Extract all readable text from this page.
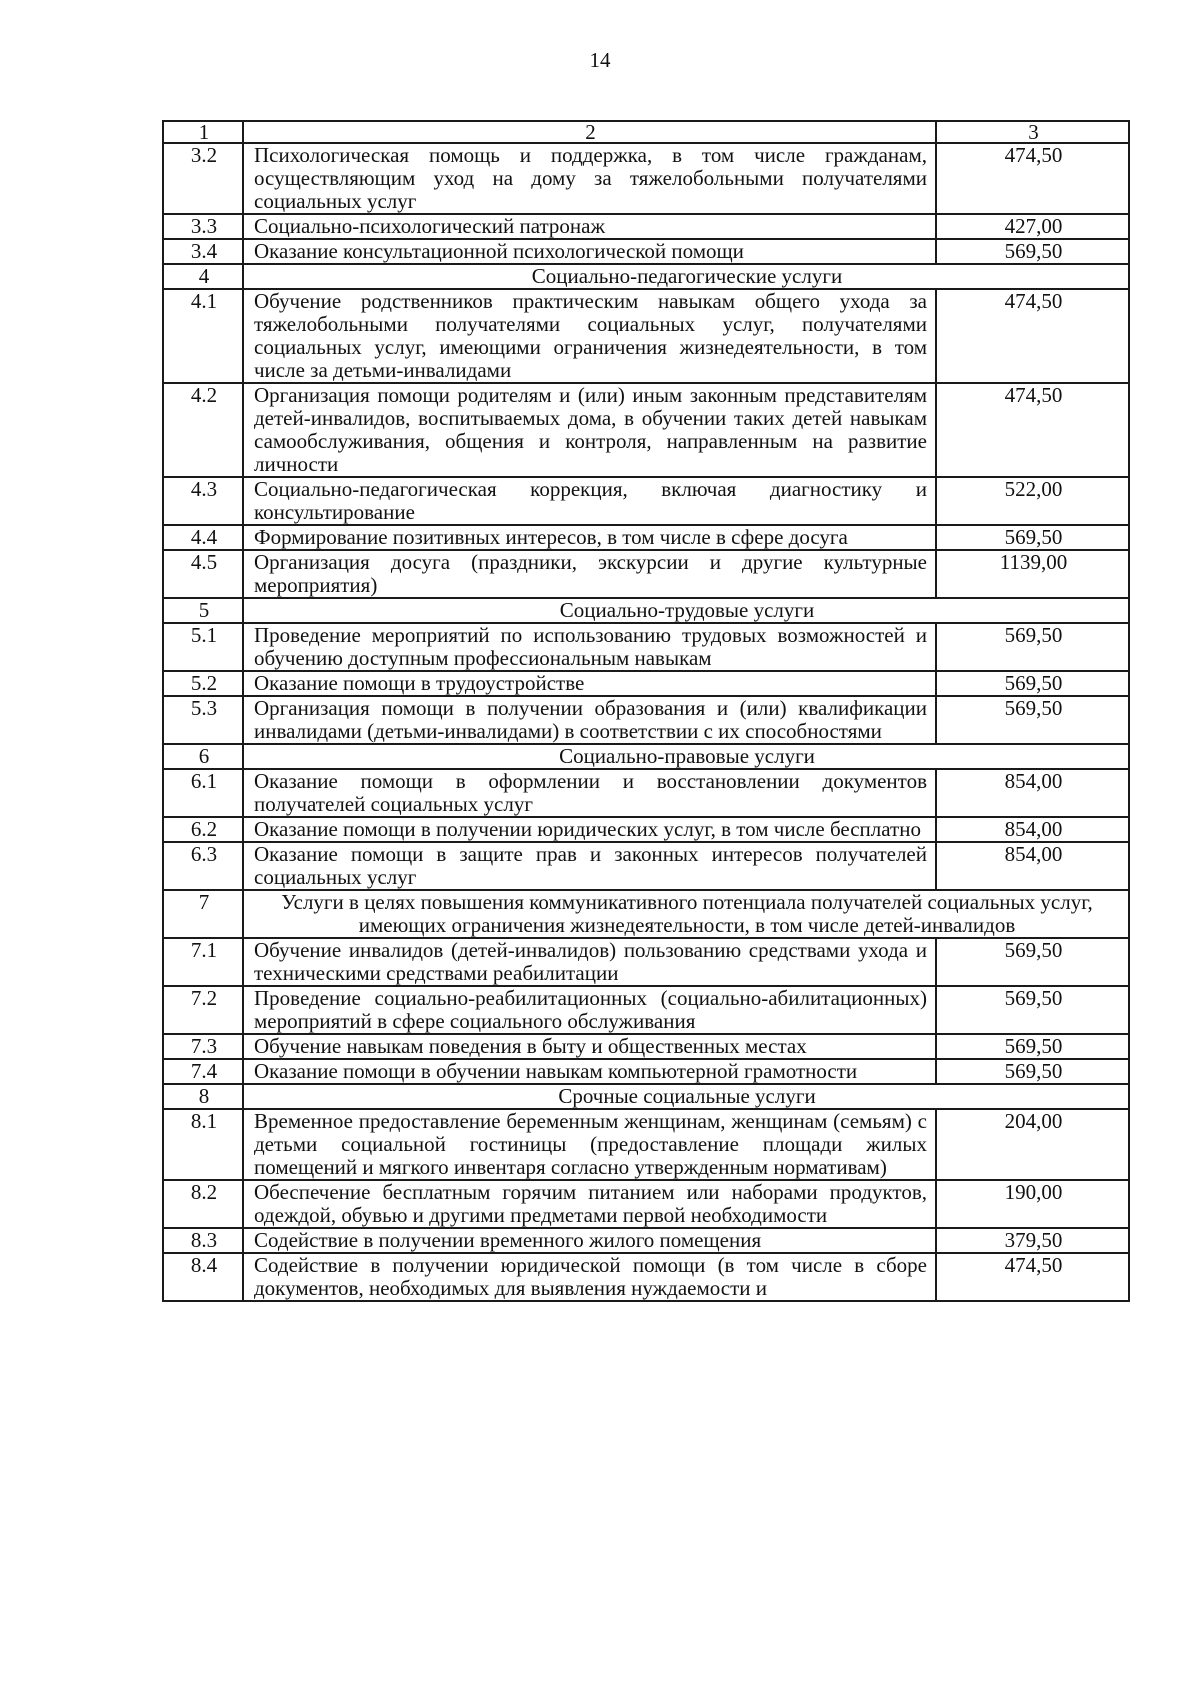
14
1	2	3
3.2	Психологическая помощь и поддержка, в том числе гражданам, осуществляющим уход на дому за тяжелобольными получателями социальных услуг	474,50
3.3	Социально-психологический патронаж	427,00
3.4	Оказание консультационной психологической помощи	569,50
4	Социально-педагогические услуги	
4.1	Обучение родственников практическим навыкам общего ухода за тяжелобольными получателями социальных услуг, получателями социальных услуг, имеющими ограничения жизнедеятельности, в том числе за детьми-инвалидами	474,50
4.2	Организация помощи родителям и (или) иным законным представителям детей-инвалидов, воспитываемых дома, в обучении таких детей навыкам самообслуживания, общения и контроля, направленным на развитие личности	474,50
4.3	Социально-педагогическая коррекция, включая диагностику и консультирование	522,00
4.4	Формирование позитивных интересов, в том числе в сфере досуга	569,50
4.5	Организация досуга (праздники, экскурсии и другие культурные мероприятия)	1139,00
5	Социально-трудовые услуги	
5.1	Проведение мероприятий по использованию трудовых возможностей и обучению доступным профессиональным навыкам	569,50
5.2	Оказание помощи в трудоустройстве	569,50
5.3	Организация помощи в получении образования и (или) квалификации инвалидами (детьми-инвалидами) в соответствии с их способностями	569,50
6	Социально-правовые услуги	
6.1	Оказание помощи в оформлении и восстановлении документов получателей социальных услуг	854,00
6.2	Оказание помощи в получении юридических услуг, в том числе бесплатно	854,00
6.3	Оказание помощи в защите прав и законных интересов получателей социальных услуг	854,00
7	Услуги в целях повышения коммуникативного потенциала получателей социальных услуг, имеющих ограничения жизнедеятельности, в том числе детей-инвалидов	
7.1	Обучение инвалидов (детей-инвалидов) пользованию средствами ухода и техническими средствами реабилитации	569,50
7.2	Проведение социально-реабилитационных (социально-абилитационных) мероприятий в сфере социального обслуживания	569,50
7.3	Обучение навыкам поведения в быту и общественных местах	569,50
7.4	Оказание помощи в обучении навыкам компьютерной грамотности	569,50
8	Срочные социальные услуги	
8.1	Временное предоставление беременным женщинам, женщинам (семьям) с детьми социальной гостиницы (предоставление площади жилых помещений и мягкого инвентаря согласно утвержденным нормативам)	204,00
8.2	Обеспечение бесплатным горячим питанием или наборами продуктов, одеждой, обувью и другими предметами первой необходимости	190,00
8.3	Содействие в получении временного жилого помещения	379,50
8.4	Содействие в получении юридической помощи (в том числе в сборе документов, необходимых для выявления нуждаемости и	474,50
